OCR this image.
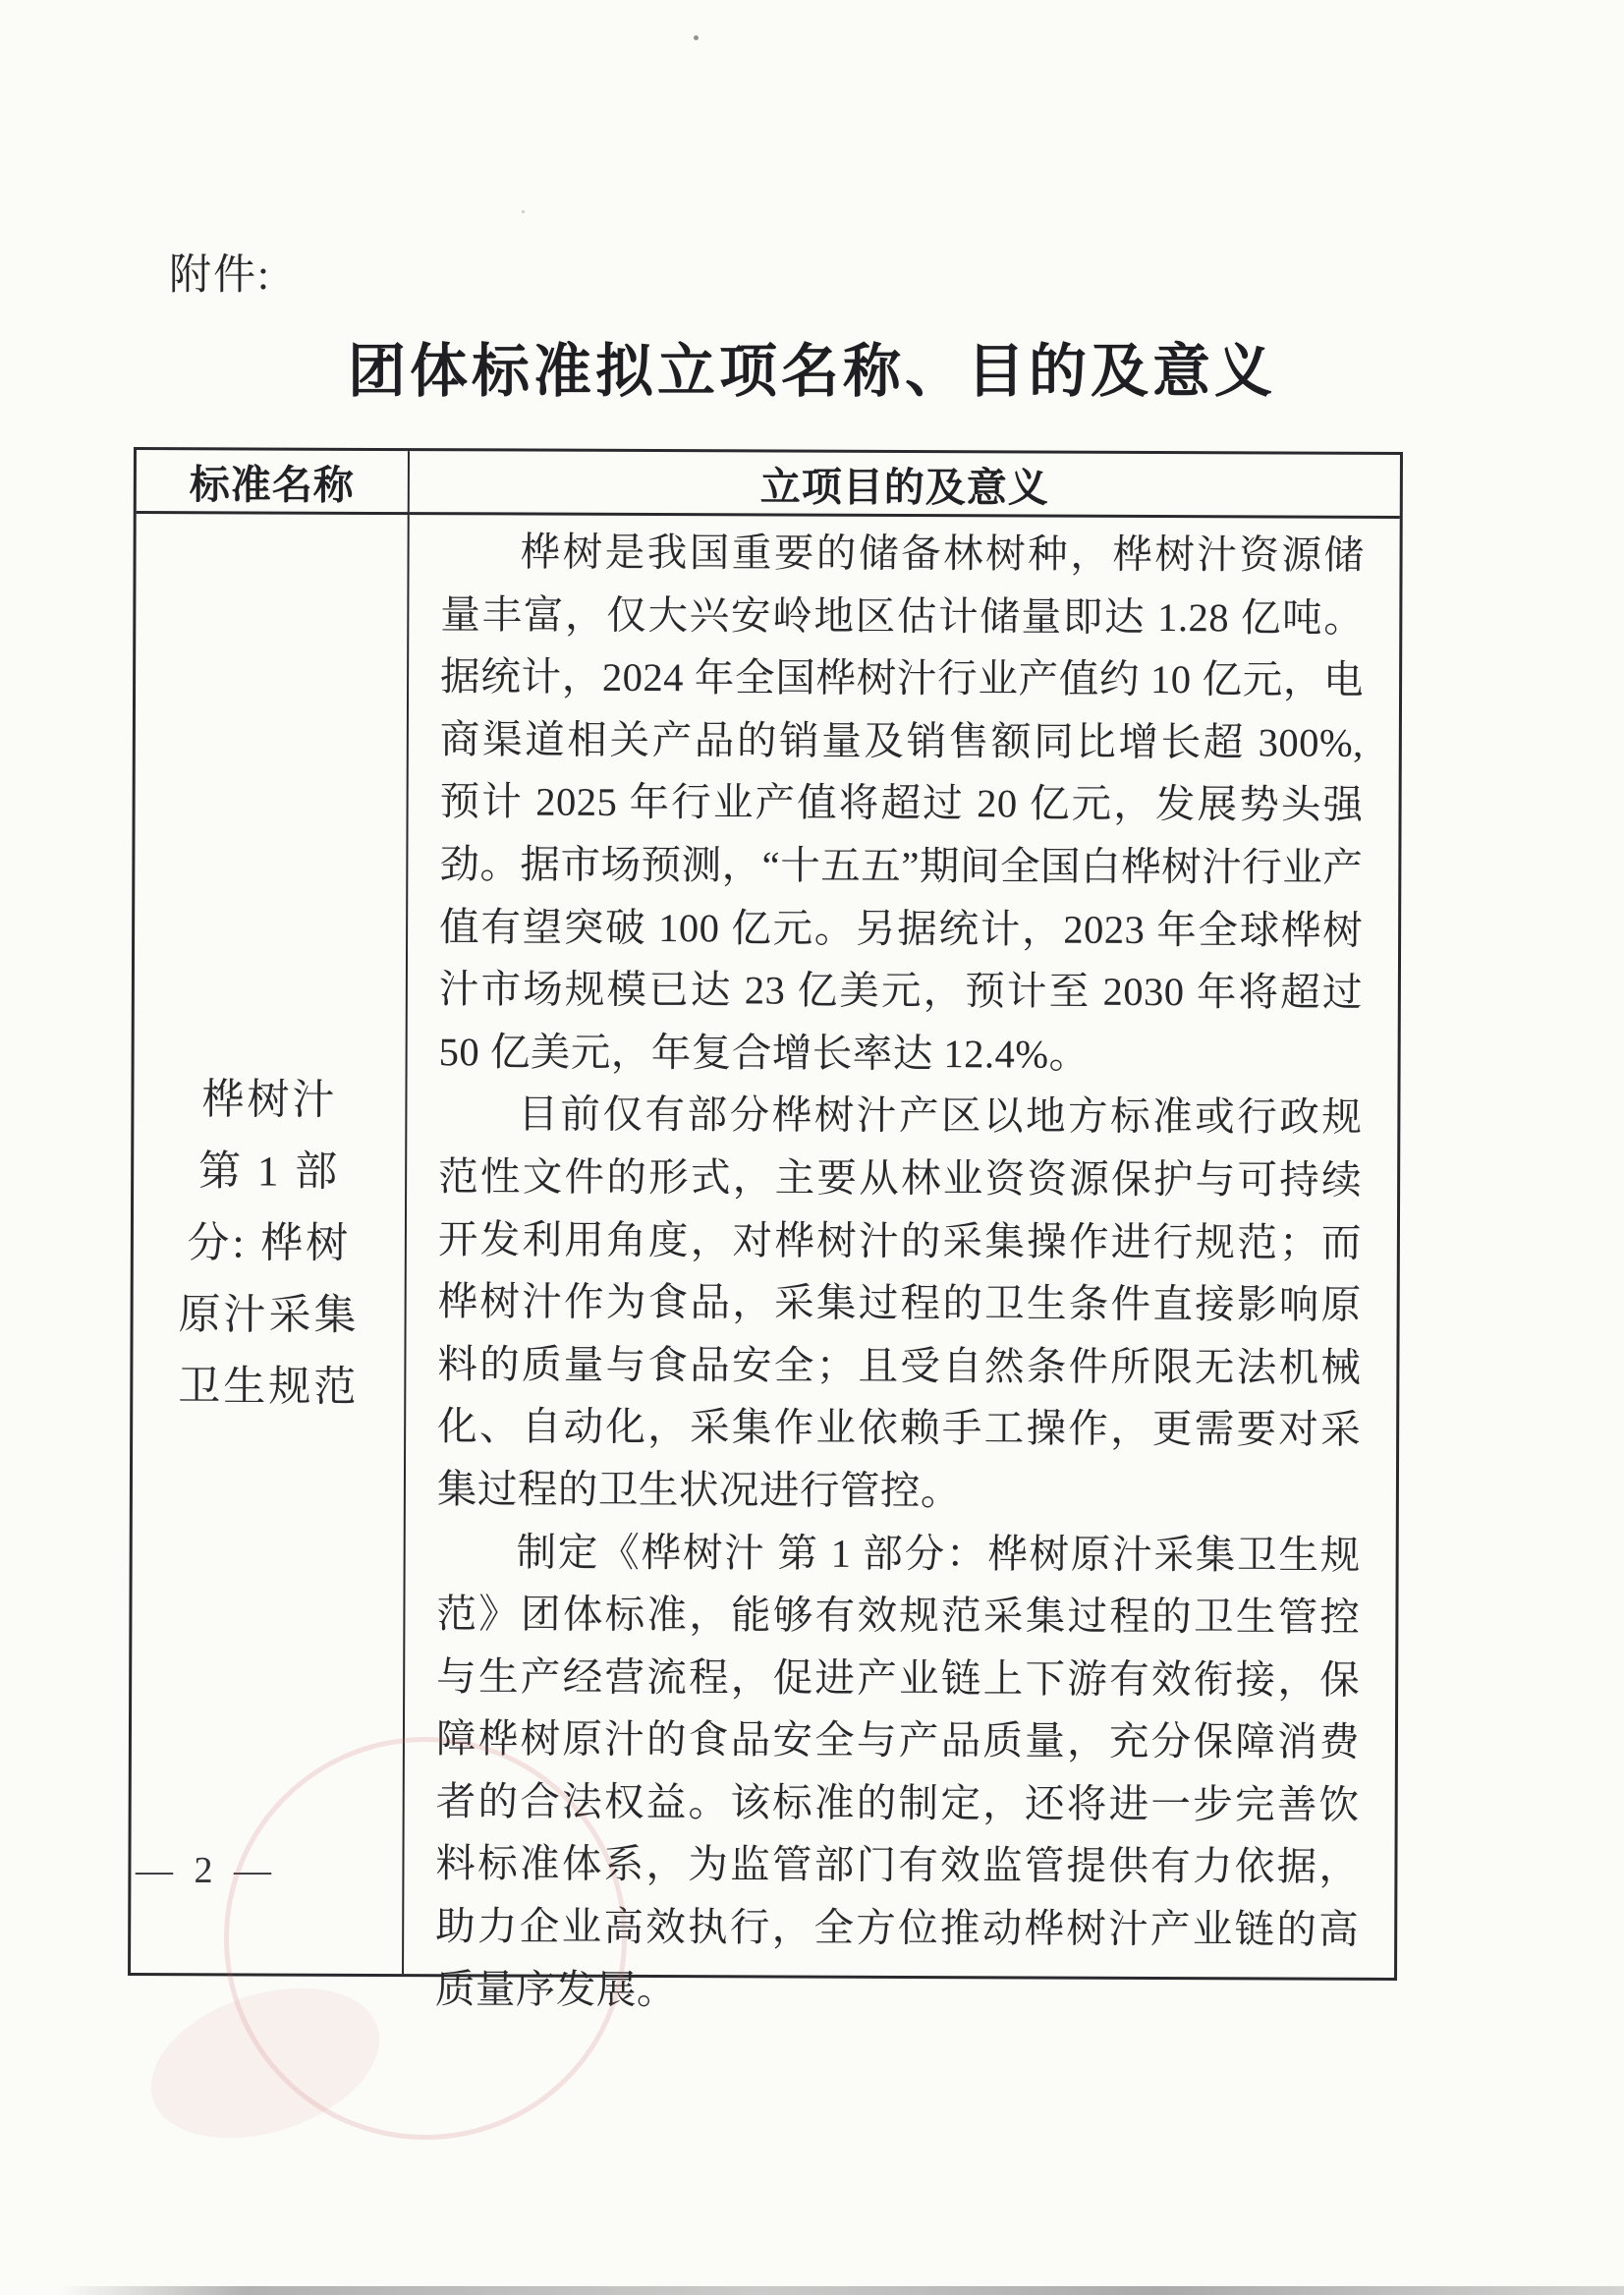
附件:
团体标准拟立项名称、目的及意义
标准名称	立项目的及意义
桦树汁
第 1 部
分: 桦树
原汁采集
卫生规范

桦树是我国重要的储备林树种，桦树汁资源储量丰富，仅大兴安岭地区估计储量即达 1.28 亿吨。据统计，2024 年全国桦树汁行业产值约 10 亿元，电商渠道相关产品的销量及销售额同比增长超 300%, 预计 2025 年行业产值将超过 20 亿元，发展势头强劲。据市场预测，“十五五”期间全国白桦树汁行业产值有望突破 100 亿元。另据统计，2023 年全球桦树汁市场规模已达 23 亿美元，预计至 2030 年将超过 50 亿美元，年复合增长率达 12.4%。

目前仅有部分桦树汁产区以地方标准或行政规范性文件的形式，主要从林业资资源保护与可持续开发利用角度，对桦树汁的采集操作进行规范；而桦树汁作为食品，采集过程的卫生条件直接影响原料的质量与食品安全；且受自然条件所限无法机械化、自动化，采集作业依赖手工操作，更需要对采集过程的卫生状况进行管控。

制定《桦树汁 第 1 部分：桦树原汁采集卫生规范》团体标准，能够有效规范采集过程的卫生管控与生产经营流程，促进产业链上下游有效衔接，保障桦树原汁的食品安全与产品质量，充分保障消费者的合法权益。该标准的制定，还将进一步完善饮料标准体系，为监管部门有效监管提供有力依据，助力企业高效执行，全方位推动桦树汁产业链的高质量序发展。

— 2 —
